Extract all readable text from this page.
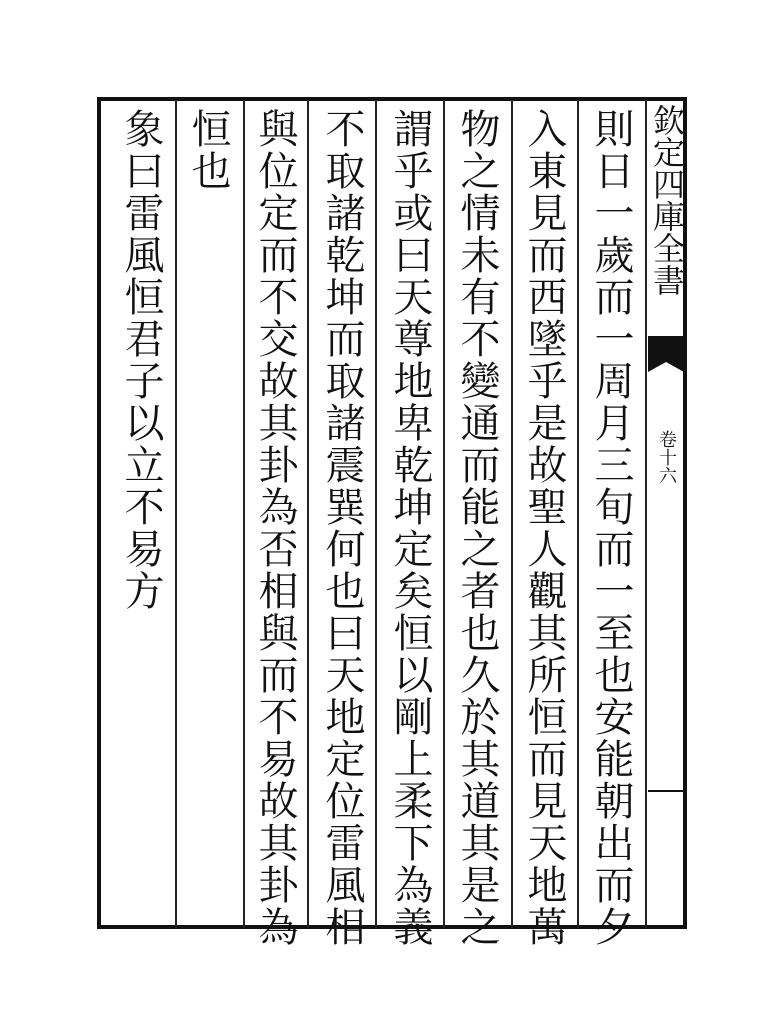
欽定四庫全書
卷十六
則日一歲而一周月三旬而一至也安能朝出而夕
入東見而西墜乎是故聖人觀其所恒而見天地萬
物之情未有不變通而能之者也久於其道其是之
謂乎或曰天尊地卑乾坤定矣恒以剛上柔下為義
不取諸乾坤而取諸震巽何也曰天地定位雷風相
與位定而不交故其卦為否相與而不易故其卦為
恒也
象曰雷風恒君子以立不易方
